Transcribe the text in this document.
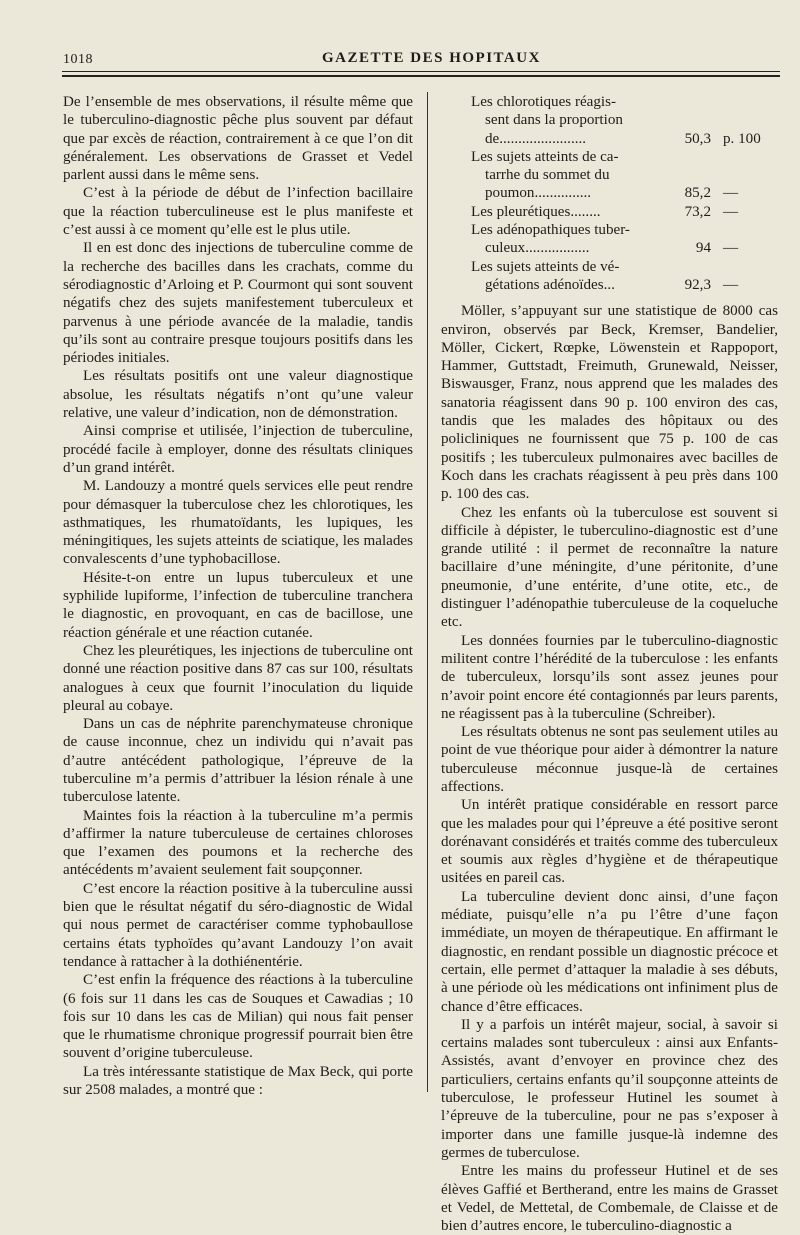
1018	GAZETTE DES HOPITAUX

De l’ensemble de mes observations, il résulte même que le tuberculino-diagnostic pêche plus souvent par défaut que par excès de réaction, contrairement à ce que l’on dit généralement. Les observations de Grasset et Vedel parlent aussi dans le même sens.

C’est à la période de début de l’infection bacillaire que la réaction tuberculineuse est le plus manifeste et c’est aussi à ce moment qu’elle est le plus utile.

Il en est donc des injections de tuberculine comme de la recherche des bacilles dans les crachats, comme du sérodiagnostic d’Arloing et P. Courmont qui sont souvent négatifs chez des sujets manifestement tuberculeux et parvenus à une période avancée de la maladie, tandis qu’ils sont au contraire presque toujours positifs dans les périodes initiales.

Les résultats positifs ont une valeur diagnostique absolue, les résultats négatifs n’ont qu’une valeur relative, une valeur d’indication, non de démonstration.

Ainsi comprise et utilisée, l’injection de tuberculine, procédé facile à employer, donne des résultats cliniques d’un grand intérêt.

M. Landouzy a montré quels services elle peut rendre pour démasquer la tuberculose chez les chlorotiques, les asthmatiques, les rhumatoïdants, les lupiques, les méningitiques, les sujets atteints de sciatique, les malades convalescents d’une typhobacillose.

Hésite-t-on entre un lupus tuberculeux et une syphilide lupiforme, l’infection de tuberculine tranchera le diagnostic, en provoquant, en cas de bacillose, une réaction générale et une réaction cutanée.

Chez les pleurétiques, les injections de tuberculine ont donné une réaction positive dans 87 cas sur 100, résultats analogues à ceux que fournit l’inoculation du liquide pleural au cobaye.

Dans un cas de néphrite parenchymateuse chronique de cause inconnue, chez un individu qui n’avait pas d’autre antécédent pathologique, l’épreuve de la tuberculine m’a permis d’attribuer la lésion rénale à une tuberculose latente.

Maintes fois la réaction à la tuberculine m’a permis d’affirmer la nature tuberculeuse de certaines chloroses que l’examen des poumons et la recherche des antécédents m’avaient seulement fait soupçonner.

C’est encore la réaction positive à la tuberculine aussi bien que le résultat négatif du séro-diagnostic de Widal qui nous permet de caractériser comme typhobaullose certains états typhoïdes qu’avant Landouzy l’on avait tendance à rattacher à la dothiénentérie.

C’est enfin la fréquence des réactions à la tuberculine (6 fois sur 11 dans les cas de Souques et Cawadias ; 10 fois sur 10 dans les cas de Milian) qui nous fait penser que le rhumatisme chronique progressif pourrait bien être souvent d’origine tuberculeuse.

La très intéressante statistique de Max Beck, qui porte sur 2508 malades, a montré que :

Les chlorotiques réagis-
sent dans la proportion
de.......................	50,3 p. 100
Les sujets atteints de ca-
tarrhe du sommet du
poumon...............	85,2 —
Les pleurétiques........	73,2 —
Les adénopathiques tuber-
culeux.................	94 —
Les sujets atteints de vé-
gétations adénoïdes...	92,3 —

Möller, s’appuyant sur une statistique de 8000 cas environ, observés par Beck, Kremser, Bandelier, Möller, Cickert, Rœpke, Löwenstein et Rappoport, Hammer, Guttstadt, Freimuth, Grunewald, Neisser, Biswausger, Franz, nous apprend que les malades des sanatoria réagissent dans 90 p. 100 environ des cas, tandis que les malades des hôpitaux ou des policliniques ne fournissent que 75 p. 100 de cas positifs ; les tuberculeux pulmonaires avec bacilles de Koch dans les crachats réagissent à peu près dans 100 p. 100 des cas.

Chez les enfants où la tuberculose est souvent si difficile à dépister, le tuberculino-diagnostic est d’une grande utilité : il permet de reconnaître la nature bacillaire d’une méningite, d’une péritonite, d’une pneumonie, d’une entérite, d’une otite, etc., de distinguer l’adénopathie tuberculeuse de la coqueluche etc.

Les données fournies par le tuberculino-diagnostic militent contre l’hérédité de la tuberculose : les enfants de tuberculeux, lorsqu’ils sont assez jeunes pour n’avoir point encore été contagionnés par leurs parents, ne réagissent pas à la tuberculine (Schreiber).

Les résultats obtenus ne sont pas seulement utiles au point de vue théorique pour aider à démontrer la nature tuberculeuse méconnue jusque-là de certaines affections.

Un intérêt pratique considérable en ressort parce que les malades pour qui l’épreuve a été positive seront dorénavant considérés et traités comme des tuberculeux et soumis aux règles d’hygiène et de thérapeutique usitées en pareil cas.

La tuberculine devient donc ainsi, d’une façon médiate, puisqu’elle n’a pu l’être d’une façon immédiate, un moyen de thérapeutique. En affirmant le diagnostic, en rendant possible un diagnostic précoce et certain, elle permet d’attaquer la maladie à ses débuts, à une période où les médications ont infiniment plus de chance d’être efficaces.

Il y a parfois un intérêt majeur, social, à savoir si certains malades sont tuberculeux : ainsi aux Enfants-Assistés, avant d’envoyer en province chez des particuliers, certains enfants qu’il soupçonne atteints de tuberculose, le professeur Hutinel les soumet à l’épreuve de la tuberculine, pour ne pas s’exposer à importer dans une famille jusque-là indemne des germes de tuberculose.

Entre les mains du professeur Hutinel et de ses élèves Gaffié et Bertherand, entre les mains de Grasset et Vedel, de Mettetal, de Combemale, de Claisse et de bien d’autres encore, le tuberculino-diagnostic a
